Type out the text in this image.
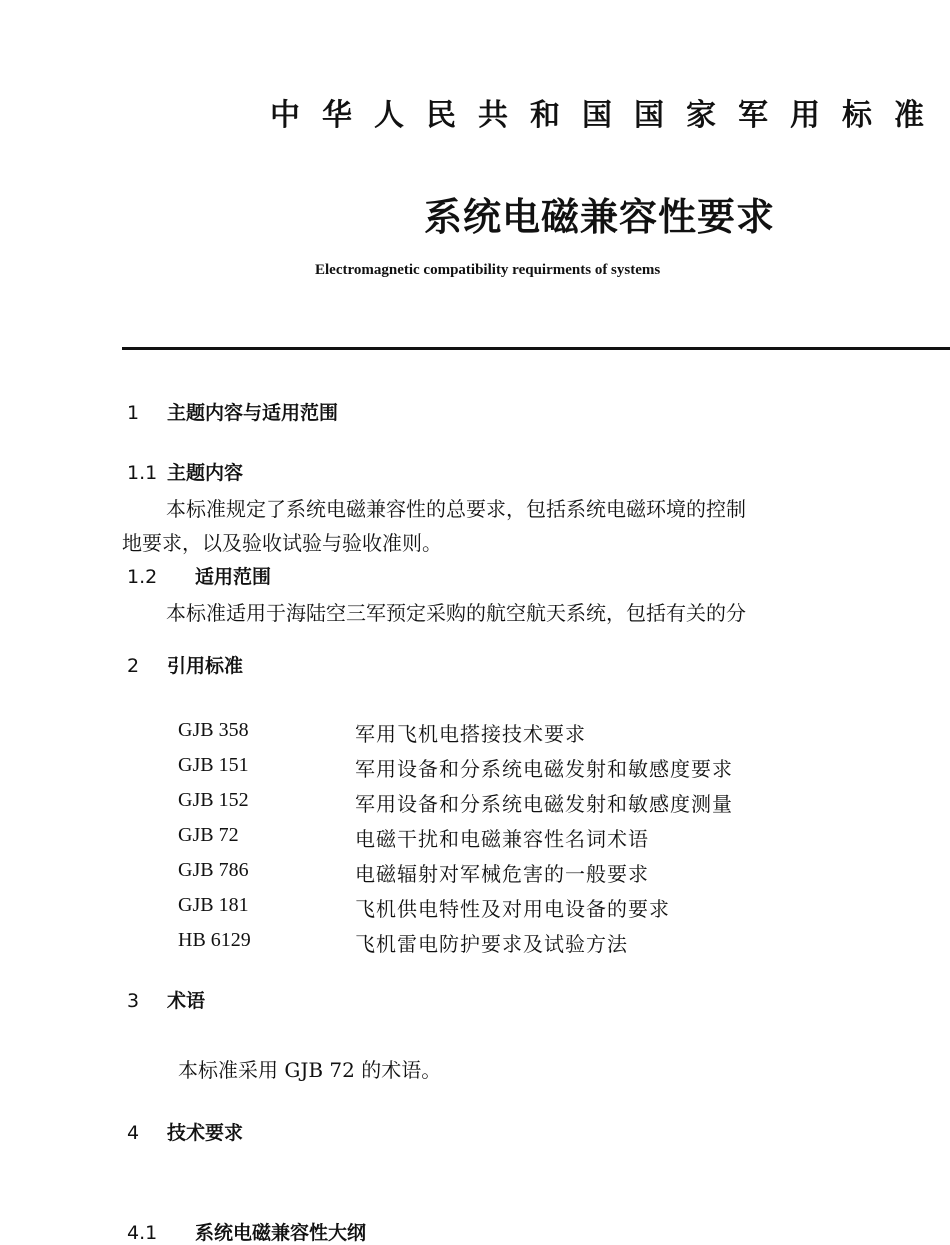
中华人民共和国国家军用标准
系统电磁兼容性要求
Electromagnetic compatibility requirments of systems
1 主题内容与适用范围
1.1 主题内容
本标准规定了系统电磁兼容性的总要求，包括系统电磁环境的控制
地要求，以及验收试验与验收准则。
1.2 适用范围
本标准适用于海陆空三军预定采购的航空航天系统，包括有关的分
2 引用标准
GJB 358	军用飞机电搭接技术要求
GJB 151	军用设备和分系统电磁发射和敏感度要求
GJB 152	军用设备和分系统电磁发射和敏感度测量
GJB 72	电磁干扰和电磁兼容性名词术语
GJB 786	电磁辐射对军械危害的一般要求
GJB 181	飞机供电特性及对用电设备的要求
HB 6129	飞机雷电防护要求及试验方法
3 术语
本标准采用 GJB 72 的术语。
4 技术要求
4.1 系统电磁兼容性大纲
